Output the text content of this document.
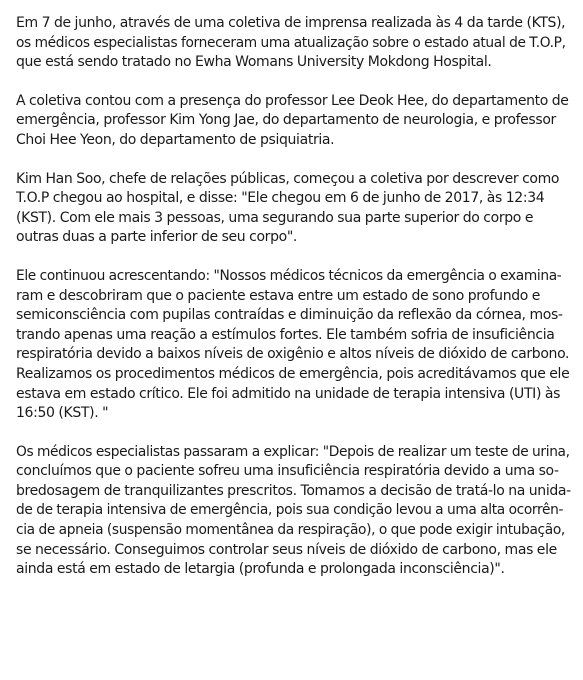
Em 7 de junho, através de uma coletiva de imprensa realizada às 4 da tarde (KTS),
os médicos especialistas forneceram uma atualização sobre o estado atual de T.O.P,
que está sendo tratado no Ewha Womans University Mokdong Hospital.

A coletiva contou com a presença do professor Lee Deok Hee, do departamento de
emergência, professor Kim Yong Jae, do departamento de neurologia, e professor
Choi Hee Yeon, do departamento de psiquiatria.

Kim Han Soo, chefe de relações públicas, começou a coletiva por descrever como
T.O.P chegou ao hospital, e disse: "Ele chegou em 6 de junho de 2017, às 12:34
(KST). Com ele mais 3 pessoas, uma segurando sua parte superior do corpo e
outras duas a parte inferior de seu corpo".

Ele continuou acrescentando: "Nossos médicos técnicos da emergência o examina-
ram e descobriram que o paciente estava entre um estado de sono profundo e
semiconsciência com pupilas contraídas e diminuição da reflexão da córnea, mos-
trando apenas uma reação a estímulos fortes. Ele também sofria de insuficiência
respiratória devido a baixos níveis de oxigênio e altos níveis de dióxido de carbono.
Realizamos os procedimentos médicos de emergência, pois acreditávamos que ele
estava em estado crítico. Ele foi admitido na unidade de terapia intensiva (UTI) às
16:50 (KST). "

Os médicos especialistas passaram a explicar: "Depois de realizar um teste de urina,
concluímos que o paciente sofreu uma insuficiência respiratória devido a uma so-
bredosagem de tranquilizantes prescritos. Tomamos a decisão de tratá-lo na unida-
de de terapia intensiva de emergência, pois sua condição levou a uma alta ocorrên-
cia de apneia (suspensão momentânea da respiração), o que pode exigir intubação,
se necessário. Conseguimos controlar seus níveis de dióxido de carbono, mas ele
ainda está em estado de letargia (profunda e prolongada inconsciência)".
